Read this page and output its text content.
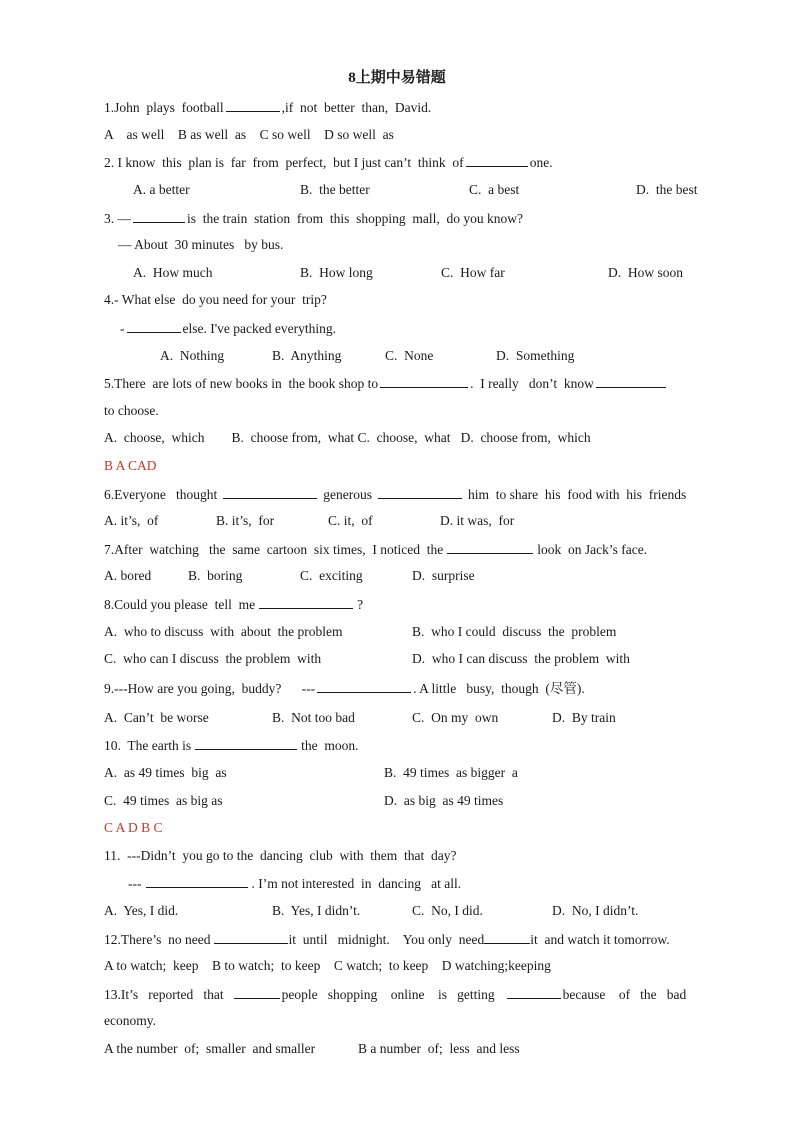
8上期中易错题
1.John  plays  football	,if  not  better  than,  David.
A    as well    B as well  as    C so well    D so well  as
2. I know  this  plan is  far  from  perfect,  but I just can’t  think  of	one.
A. a better	B.  the better	C.  a best	D.  the best
3. —	is  the train  station  from  this  shopping  mall,  do you know?
— About  30 minutes   by bus.
A.  How much	B.  How long	C.  How far	D.  How soon
4.- What else  do you need for your  trip?
-	else. I've packed everything.
A.  Nothing	B.  Anything	C.  None	D.  Something
5.There  are lots of new books in  the book shop to	.  I really   don’t  know
to choose.
A.  choose,  which        B.  choose from,  what C.  choose,  what   D.  choose from,  which
B A CAD
6.Everyone   thought	generous	him  to share  his  food with  his  friends
A. it’s,  of	B. it’s,  for	C. it,  of	D. it was,  for
7.After  watching   the  same  cartoon  six times,  I noticed  the	look  on Jack’s face.
A. bored	B.  boring	C.  exciting	D.  surprise
8.Could you please  tell  me	?
A.  who to discuss  with  about  the problem	B.  who I could  discuss  the  problem
C.  who can I discuss  the problem  with	D.  who I can discuss  the problem  with
9.---How are you going,  buddy?      ---	. A little   busy,  though  (尽管).
A.  Can’t  be worse	B.  Not too bad	C.  On my  own	D.  By train
10.  The earth is	the  moon.
A.  as 49 times  big  as	B.  49 times  as bigger  a
C.  49 times  as big as	D.  as big  as 49 times
C A D B C
11.  ---Didn’t  you go to the  dancing  club  with  them  that  day?
---	. I’m not interested  in  dancing   at all.
A.  Yes, I did.	B.  Yes, I didn’t.	C.  No, I did.	D.  No, I didn’t.
12.There’s  no need	it  until   midnight.    You only  need	it  and watch it tomorrow.
A to watch;  keep    B to watch;  to keep    C watch;  to keep    D watching;keeping
13.It’s   reported   that	people   shopping    online    is   getting	because    of   the   bad
economy.
A the number  of;  smaller  and smaller	B a number  of;  less  and less
